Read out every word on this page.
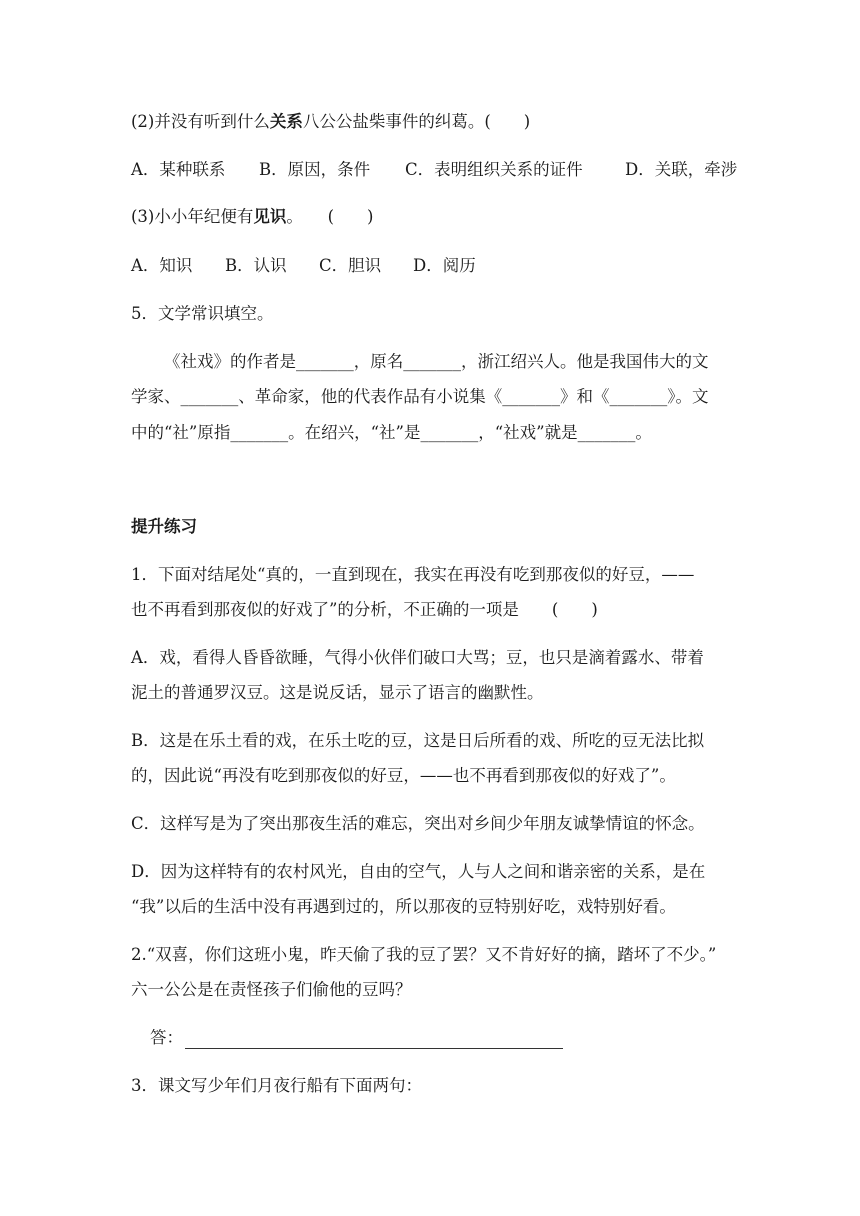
(2)并没有听到什么关系八公公盐柴事件的纠葛。(　　)
A．某种联系 B．原因，条件 C．表明组织关系的证件	D．关联，牵涉
(3)小小年纪便有见识。　　(　　)
A．知识 B．认识 C．胆识 D．阅历
5．文学常识填空。
《社戏》的作者是_______，原名_______，浙江绍兴人。他是我国伟大的文
学家、_______、革命家，他的代表作品有小说集《_______》和《_______》。文
中的“社”原指_______。在绍兴，“社”是_______，“社戏”就是_______。
提升练习
1．下面对结尾处“真的，一直到现在，我实在再没有吃到那夜似的好豆，——
也不再看到那夜似的好戏了”的分析，不正确的一项是　　(　　)
A．戏，看得人昏昏欲睡，气得小伙伴们破口大骂；豆，也只是滴着露水、带着
泥土的普通罗汉豆。这是说反话，显示了语言的幽默性。
B．这是在乐土看的戏，在乐土吃的豆，这是日后所看的戏、所吃的豆无法比拟
的，因此说“再没有吃到那夜似的好豆，——也不再看到那夜似的好戏了”。
C．这样写是为了突出那夜生活的难忘，突出对乡间少年朋友诚挚情谊的怀念。
D．因为这样特有的农村风光，自由的空气，人与人之间和谐亲密的关系，是在
“我”以后的生活中没有再遇到过的，所以那夜的豆特别好吃，戏特别好看。
2.“双喜，你们这班小鬼，昨天偷了我的豆了罢？又不肯好好的摘，踏坏了不少。”
六一公公是在责怪孩子们偷他的豆吗？
答：
3．课文写少年们月夜行船有下面两句：
